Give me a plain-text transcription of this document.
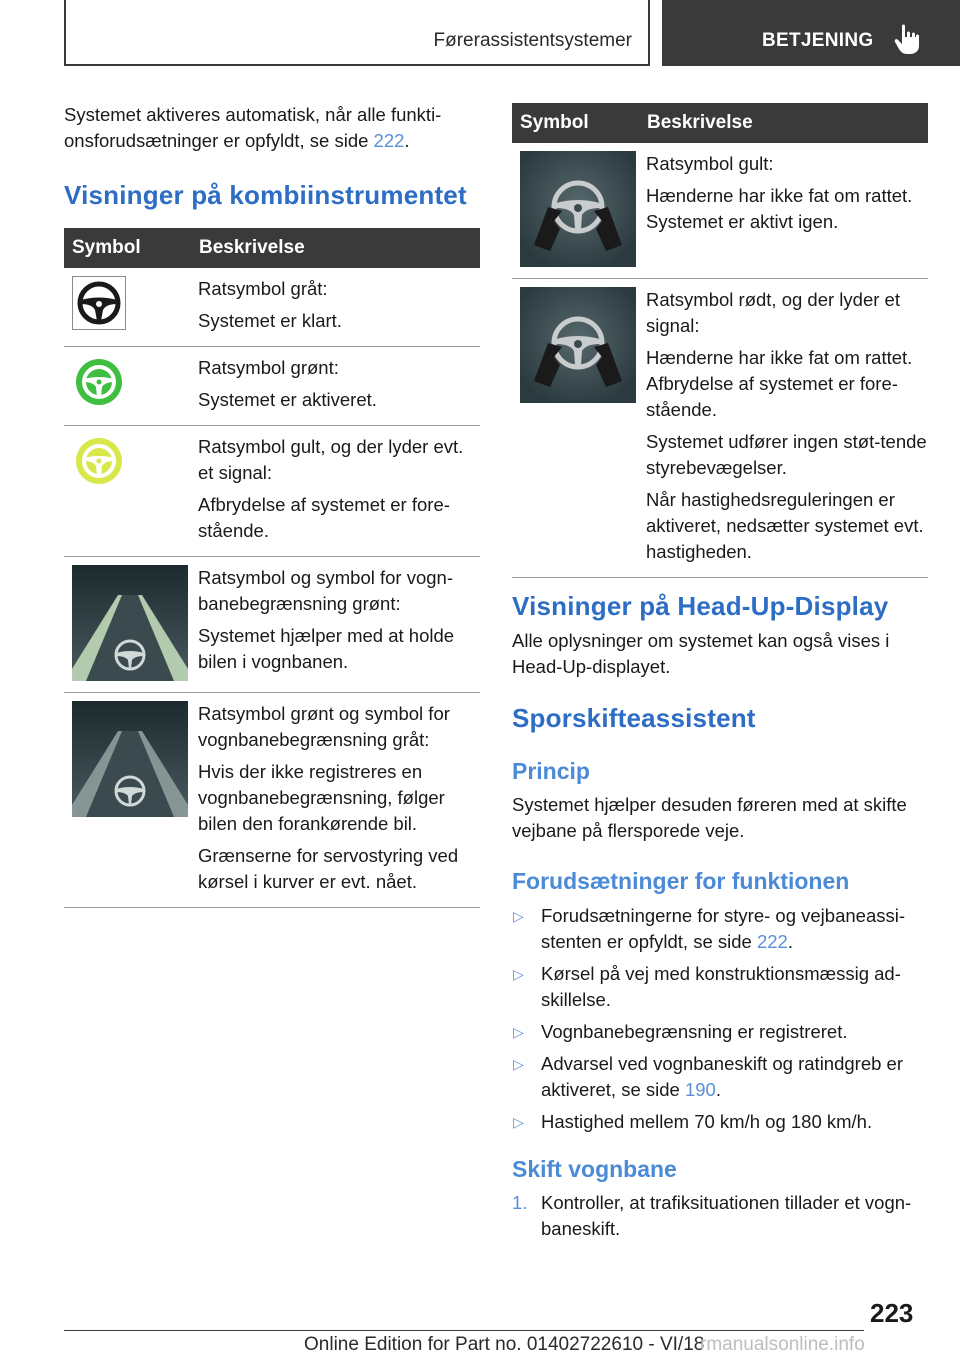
Førerassistentsystemer	BETJENING
Systemet aktiveres automatisk, når alle funkti-onsforudsætninger er opfyldt, se side 222.
Visninger på kombiinstrumentet
Symbol	Beskrivelse

Ratsymbol gråt:
Systemet er klart.

Ratsymbol grønt:
Systemet er aktiveret.

Ratsymbol gult, og der lyder evt. et signal:
Afbrydelse af systemet er fore-stående.

Ratsymbol og symbol for vogn-banebegrænsning grønt:
Systemet hjælper med at holde bilen i vognbanen.

Ratsymbol grønt og symbol for vognbanebegrænsning gråt:
Hvis der ikke registreres en vognbanebegrænsning, følger bilen den forankørende bil.
Grænserne for servostyring ved kørsel i kurver er evt. nået.
Symbol	Beskrivelse

Ratsymbol gult:
Hænderne har ikke fat om rattet. Systemet er aktivt igen.

Ratsymbol rødt, og der lyder et signal:
Hænderne har ikke fat om rattet. Afbrydelse af systemet er fore-stående.
Systemet udfører ingen støt-tende styrebevægelser.
Når hastighedsreguleringen er aktiveret, nedsætter systemet evt. hastigheden.
Visninger på Head-Up-Display
Alle oplysninger om systemet kan også vises i Head-Up-displayet.
Sporskifteassistent
Princip
Systemet hjælper desuden føreren med at skifte vejbane på flersporede veje.
Forudsætninger for funktionen
▷ Forudsætningerne for styre- og vejbaneassi-stenten er opfyldt, se side 222.
▷ Kørsel på vej med konstruktionsmæssig ad-skillelse.
▷ Vognbanebegrænsning er registreret.
▷ Advarsel ved vognbaneskift og ratindgreb er aktiveret, se side 190.
▷ Hastighed mellem 70 km/h og 180 km/h.
Skift vognbane
1. Kontroller, at trafiksituationen tillader et vogn-baneskift.
223
Online Edition for Part no. 01402722610 - VI/18
rmanualsonline.info
